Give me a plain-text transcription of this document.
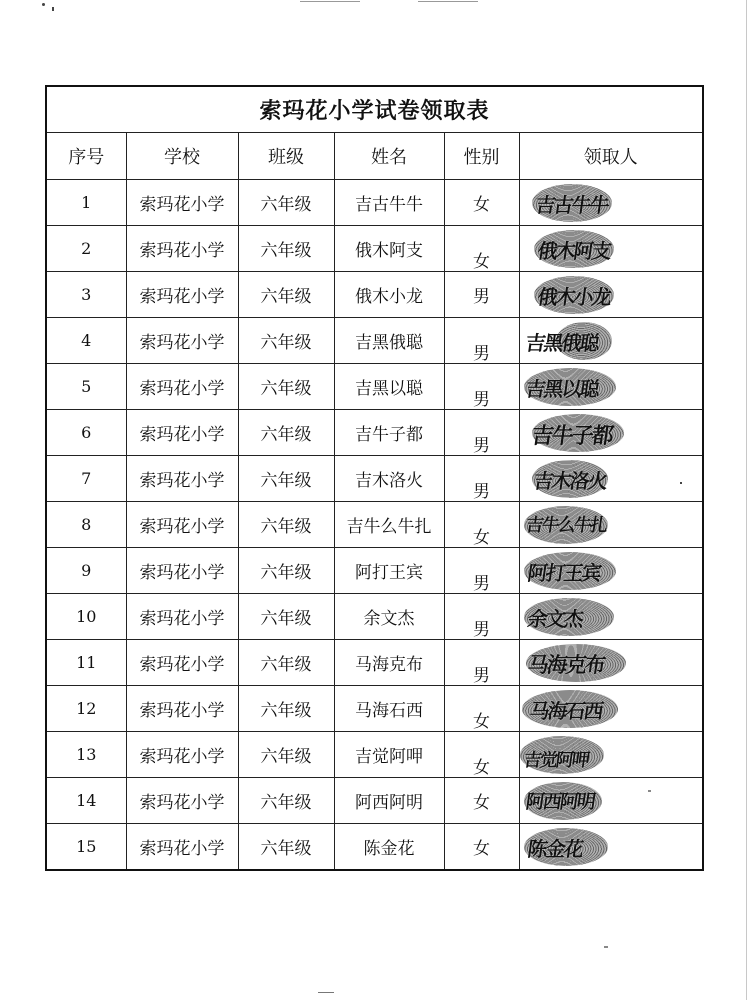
索玛花小学试卷领取表					
序号	学校	班级	姓名	性别	领取人
1	索玛花小学	六年级	吉古牛牛	女	吉古牛牛

2	索玛花小学	六年级	俄木阿支	女	俄木阿支

3	索玛花小学	六年级	俄木小龙	男	俄木小龙

4	索玛花小学	六年级	吉黑俄聪	男	吉黑俄聪

5	索玛花小学	六年级	吉黑以聪	男	吉黑以聪

6	索玛花小学	六年级	吉牛子都	男	吉牛子都

7	索玛花小学	六年级	吉木洛火	男	吉木洛火

8	索玛花小学	六年级	吉牛么牛扎	女	吉牛么牛扎

9	索玛花小学	六年级	阿打王宾	男	阿打王宾

10	索玛花小学	六年级	余文杰	男	余文杰

11	索玛花小学	六年级	马海克布	男	马海克布

12	索玛花小学	六年级	马海石西	女	马海石西

13	索玛花小学	六年级	吉觉阿呷	女	吉觉阿呷

14	索玛花小学	六年级	阿西阿明	女	阿西阿明

15	索玛花小学	六年级	陈金花	女	陈金花
